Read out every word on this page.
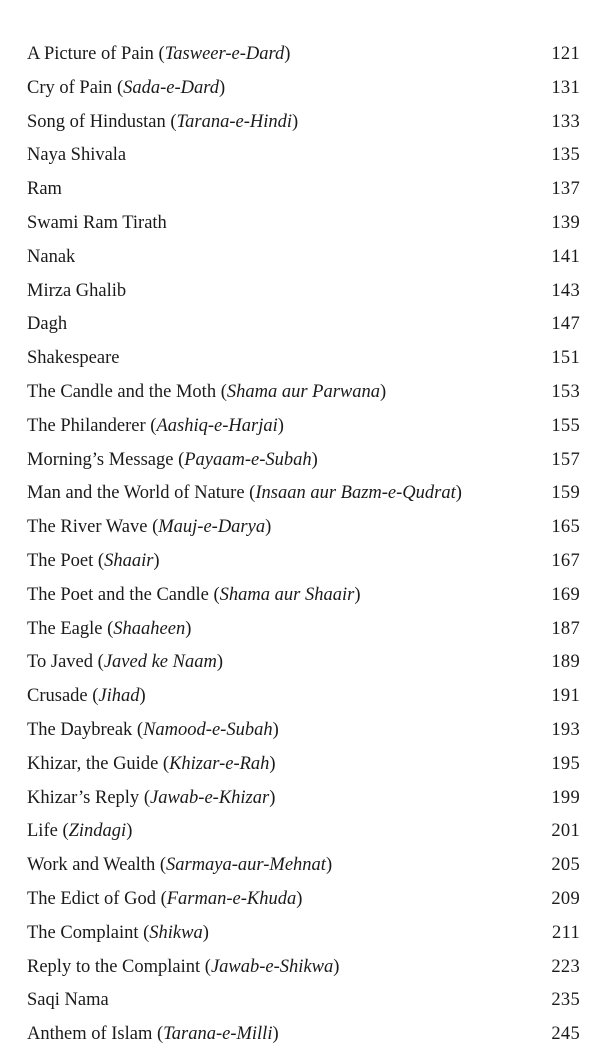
A Picture of Pain (Tasweer-e-Dard)	121
Cry of Pain (Sada-e-Dard)	131
Song of Hindustan (Tarana-e-Hindi)	133
Naya Shivala	135
Ram	137
Swami Ram Tirath	139
Nanak	141
Mirza Ghalib	143
Dagh	147
Shakespeare	151
The Candle and the Moth (Shama aur Parwana)	153
The Philanderer (Aashiq-e-Harjai)	155
Morning’s Message (Payaam-e-Subah)	157
Man and the World of Nature (Insaan aur Bazm-e-Qudrat)	159
The River Wave (Mauj-e-Darya)	165
The Poet (Shaair)	167
The Poet and the Candle (Shama aur Shaair)	169
The Eagle (Shaaheen)	187
To Javed (Javed ke Naam)	189
Crusade (Jihad)	191
The Daybreak (Namood-e-Subah)	193
Khizar, the Guide (Khizar-e-Rah)	195
Khizar’s Reply (Jawab-e-Khizar)	199
Life (Zindagi)	201
Work and Wealth (Sarmaya-aur-Mehnat)	205
The Edict of God (Farman-e-Khuda)	209
The Complaint (Shikwa)	211
Reply to the Complaint (Jawab-e-Shikwa)	223
Saqi Nama	235
Anthem of Islam (Tarana-e-Milli)	245
